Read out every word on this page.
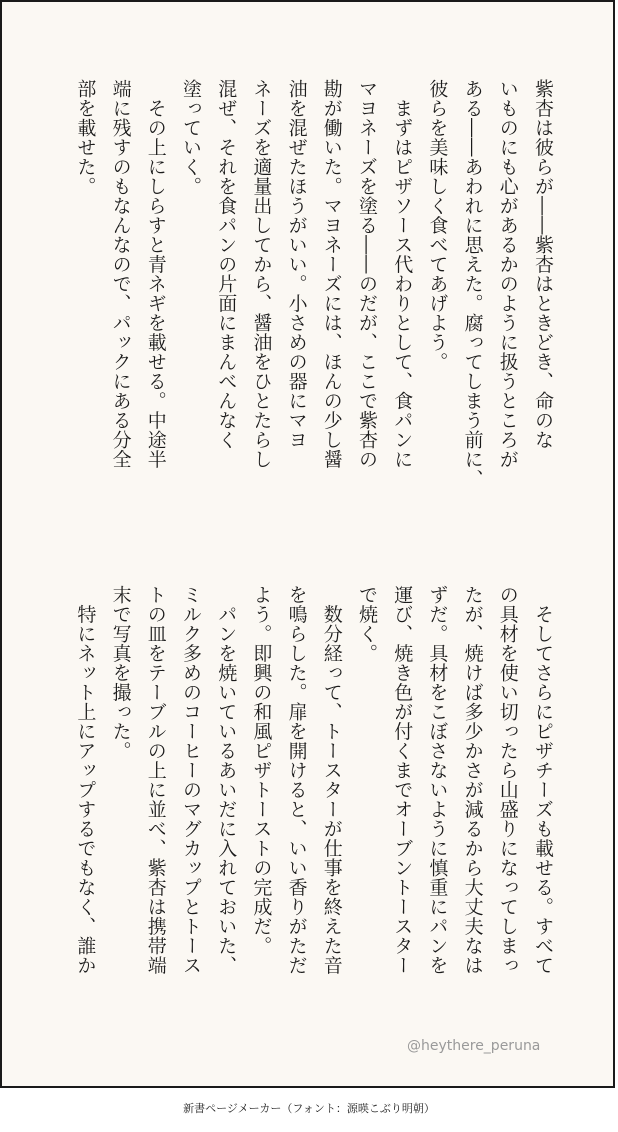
紫杏は彼らが――紫杏はときどき、命のな
いものにも心があるかのように扱うところが
ある――あわれに思えた。腐ってしまう前に、
彼らを美味しく食べてあげよう。
　まずはピザソース代わりとして、食パンに
マヨネーズを塗る――のだが、ここで紫杏の
勘が働いた。マヨネーズには、ほんの少し醤
油を混ぜたほうがいい。小さめの器にマヨ
ネーズを適量出してから、醤油をひとたらし
混ぜ、それを食パンの片面にまんべんなく
塗っていく。
　その上にしらすと青ネギを載せる。中途半
端に残すのもなんなので、パックにある分全
部を載せた。
　そしてさらにピザチーズも載せる。すべて
の具材を使い切ったら山盛りになってしまっ
たが、焼けば多少かさが減るから大丈夫なは
ずだ。具材をこぼさないように慎重にパンを
運び、焼き色が付くまでオーブントースター
で焼く。
　数分経って、トースターが仕事を終えた音
を鳴らした。扉を開けると、いい香りがただ
よう。即興の和風ピザトーストの完成だ。
　パンを焼いているあいだに入れておいた、
ミルク多めのコーヒーのマグカップとトース
トの皿をテーブルの上に並べ、紫杏は携帯端
末で写真を撮った。
　特にネット上にアップするでもなく、誰か
@heythere_peruna
新書ページメーカー（フォント：源暎こぶり明朝）
